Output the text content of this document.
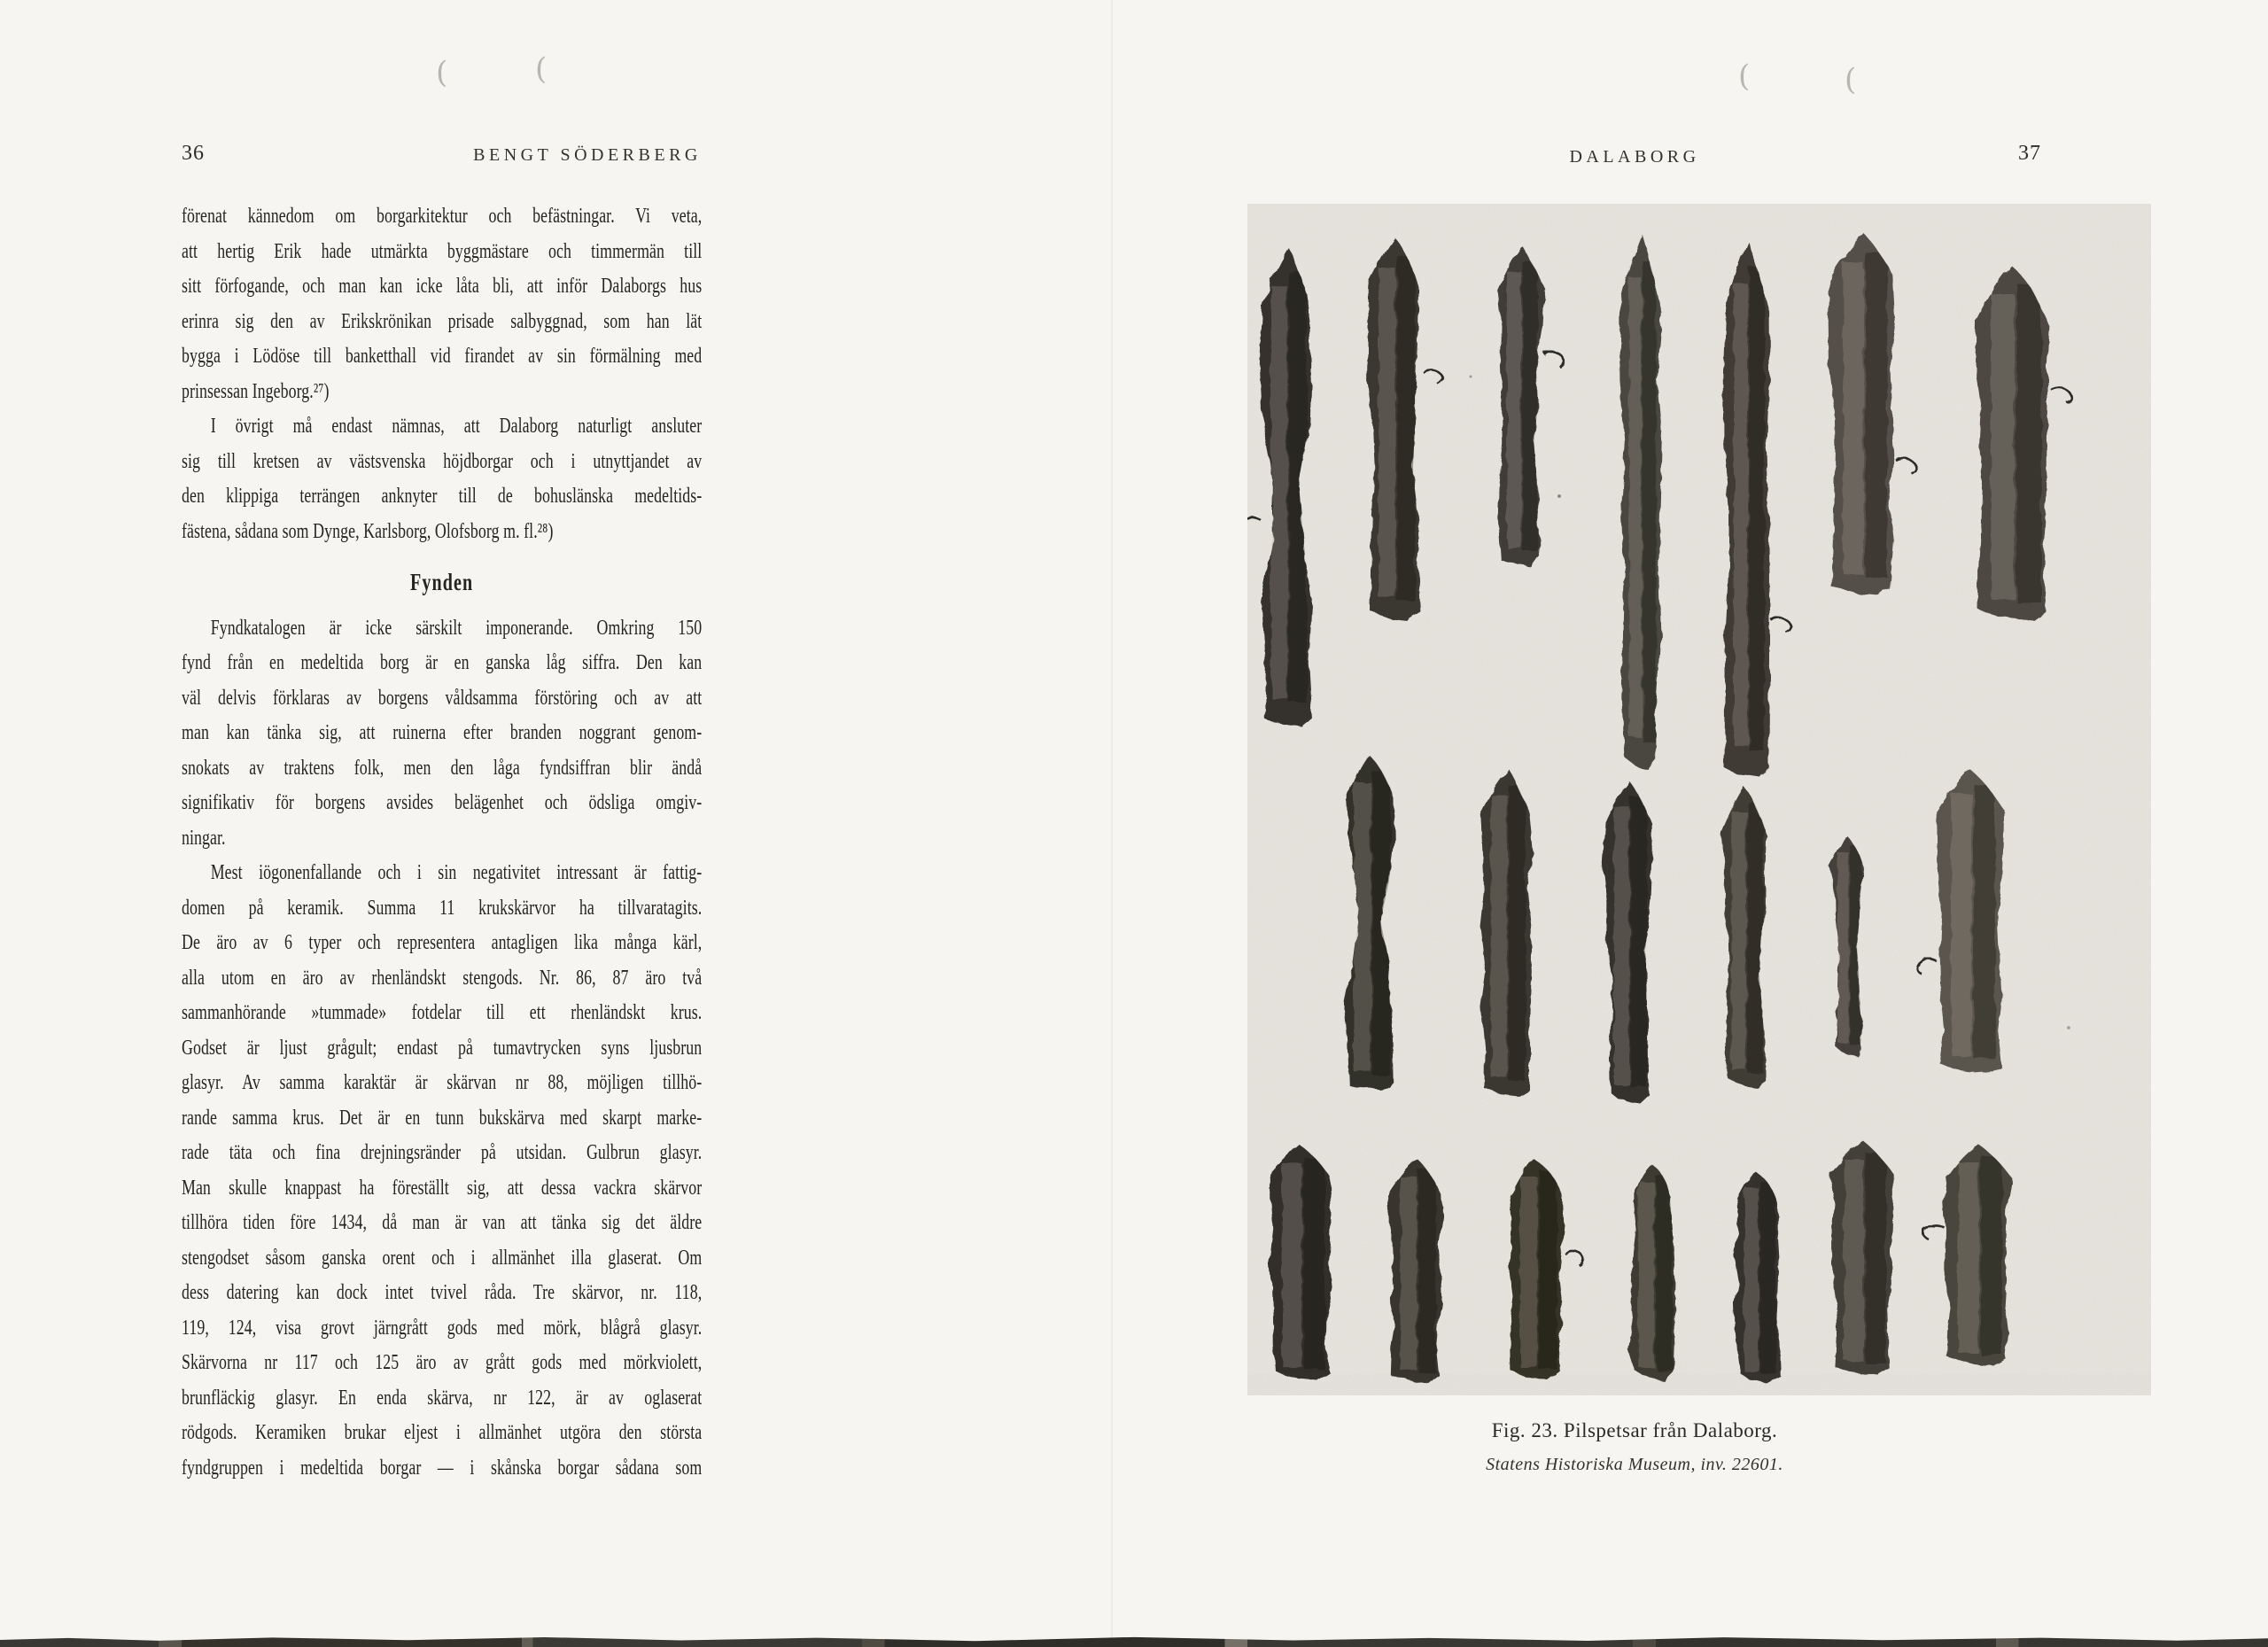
36	BENGT SÖDERBERG	DALABORG	37
förenat kännedom om borgarkitektur och befästningar. Vi veta,
att hertig Erik hade utmärkta byggmästare och timmermän till
sitt förfogande, och man kan icke låta bli, att inför Dalaborgs hus
erinra sig den av Erikskrönikan prisade salbyggnad, som han lät
bygga i Lödöse till banketthall vid firandet av sin förmälning med
prinsessan Ingeborg.²⁷)
I övrigt må endast nämnas, att Dalaborg naturligt ansluter
sig till kretsen av västsvenska höjdborgar och i utnyttjandet av
den klippiga terrängen anknyter till de bohuslänska medeltids-
fästena, sådana som Dynge, Karlsborg, Olofsborg m. fl.²⁸)
Fynden
Fyndkatalogen är icke särskilt imponerande. Omkring 150
fynd från en medeltida borg är en ganska låg siffra. Den kan
väl delvis förklaras av borgens våldsamma förstöring och av att
man kan tänka sig, att ruinerna efter branden noggrant genom-
snokats av traktens folk, men den låga fyndsiffran blir ändå
signifikativ för borgens avsides belägenhet och ödsliga omgiv-
ningar.
Mest iögonenfallande och i sin negativitet intressant är fattig-
domen på keramik. Summa 11 krukskärvor ha tillvaratagits.
De äro av 6 typer och representera antagligen lika många kärl,
alla utom en äro av rhenländskt stengods. Nr. 86, 87 äro två
sammanhörande »tummade» fotdelar till ett rhenländskt krus.
Godset är ljust grågult; endast på tumavtrycken syns ljusbrun
glasyr. Av samma karaktär är skärvan nr 88, möjligen tillhö-
rande samma krus. Det är en tunn bukskärva med skarpt marke-
rade täta och fina drejningsränder på utsidan. Gulbrun glasyr.
Man skulle knappast ha föreställt sig, att dessa vackra skärvor
tillhöra tiden före 1434, då man är van att tänka sig det äldre
stengodset såsom ganska orent och i allmänhet illa glaserat. Om
dess datering kan dock intet tvivel råda. Tre skärvor, nr. 118,
119, 124, visa grovt järngrått gods med mörk, blågrå glasyr.
Skärvorna nr 117 och 125 äro av grått gods med mörkviolett,
brunfläckig glasyr. En enda skärva, nr 122, är av oglaserat
rödgods. Keramiken brukar eljest i allmänhet utgöra den största
fyndgruppen i medeltida borgar — i skånska borgar sådana som
Fig. 23. Pilspetsar från Dalaborg.
Statens Historiska Museum, inv. 22601.
(	(	(	(
